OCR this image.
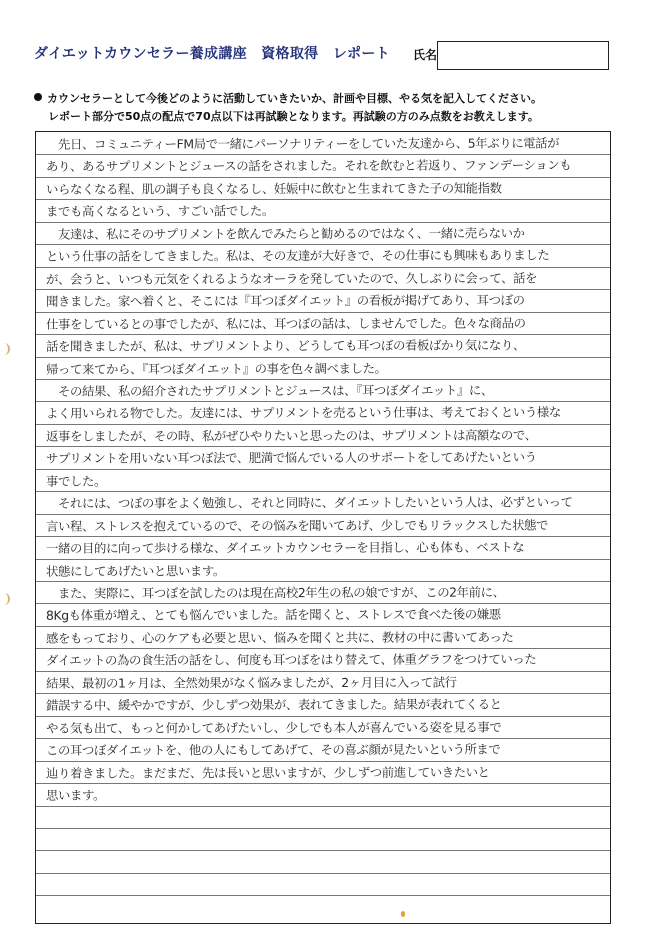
ダイエットカウンセラー養成講座　資格取得　レポート 氏名
カウンセラーとして今後どのように活動していきたいか、計画や目標、やる気を記入してください。
レポート部分で50点の配点で70点以下は再試験となります。再試験の方のみ点数をお教えします。
　先日、コミュニティーFM局で一緒にパーソナリティーをしていた友達から、5年ぶりに電話が
あり、あるサプリメントとジュースの話をされました。それを飲むと若返り、ファンデーションも
いらなくなる程、肌の調子も良くなるし、妊娠中に飲むと生まれてきた子の知能指数
までも高くなるという、すごい話でした。
　友達は、私にそのサプリメントを飲んでみたらと勧めるのではなく、一緒に売らないか
という仕事の話をしてきました。私は、その友達が大好きで、その仕事にも興味もありました
が、会うと、いつも元気をくれるようなオーラを発していたので、久しぶりに会って、話を
聞きました。家へ着くと、そこには『耳つぼダイエット』の看板が掲げてあり、耳つぼの
仕事をしているとの事でしたが、私には、耳つぼの話は、しませんでした。色々な商品の
話を聞きましたが、私は、サプリメントより、どうしても耳つぼの看板ばかり気になり、
帰って来てから、『耳つぼダイエット』の事を色々調べました。
　その結果、私の紹介されたサプリメントとジュースは、『耳つぼダイエット』に、
よく用いられる物でした。友達には、サプリメントを売るという仕事は、考えておくという様な
返事をしましたが、その時、私がぜひやりたいと思ったのは、サプリメントは高額なので、
サプリメントを用いない耳つぼ法で、肥満で悩んでいる人のサポートをしてあげたいという
事でした。
　それには、つぼの事をよく勉強し、それと同時に、ダイエットしたいという人は、必ずといって
言い程、ストレスを抱えているので、その悩みを聞いてあげ、少しでもリラックスした状態で
一緒の目的に向って歩ける様な、ダイエットカウンセラーを目指し、心も体も、ベストな
状態にしてあげたいと思います。
　また、実際に、耳つぼを試したのは現在高校2年生の私の娘ですが、この2年前に、
8Kgも体重が増え、とても悩んでいました。話を聞くと、ストレスで食べた後の嫌悪
感をもっており、心のケアも必要と思い、悩みを聞くと共に、教材の中に書いてあった
ダイエットの為の食生活の話をし、何度も耳つぼをはり替えて、体重グラフをつけていった
結果、最初の1ヶ月は、全然効果がなく悩みましたが、2ヶ月目に入って試行
錯誤する中、緩やかですが、少しずつ効果が、表れてきました。結果が表れてくると
やる気も出て、もっと何かしてあげたいし、少しでも本人が喜んでいる姿を見る事で
この耳つぼダイエットを、他の人にもしてあげて、その喜ぶ顔が見たいという所まで
辿り着きました。まだまだ、先は長いと思いますが、少しずつ前進していきたいと
思います。
